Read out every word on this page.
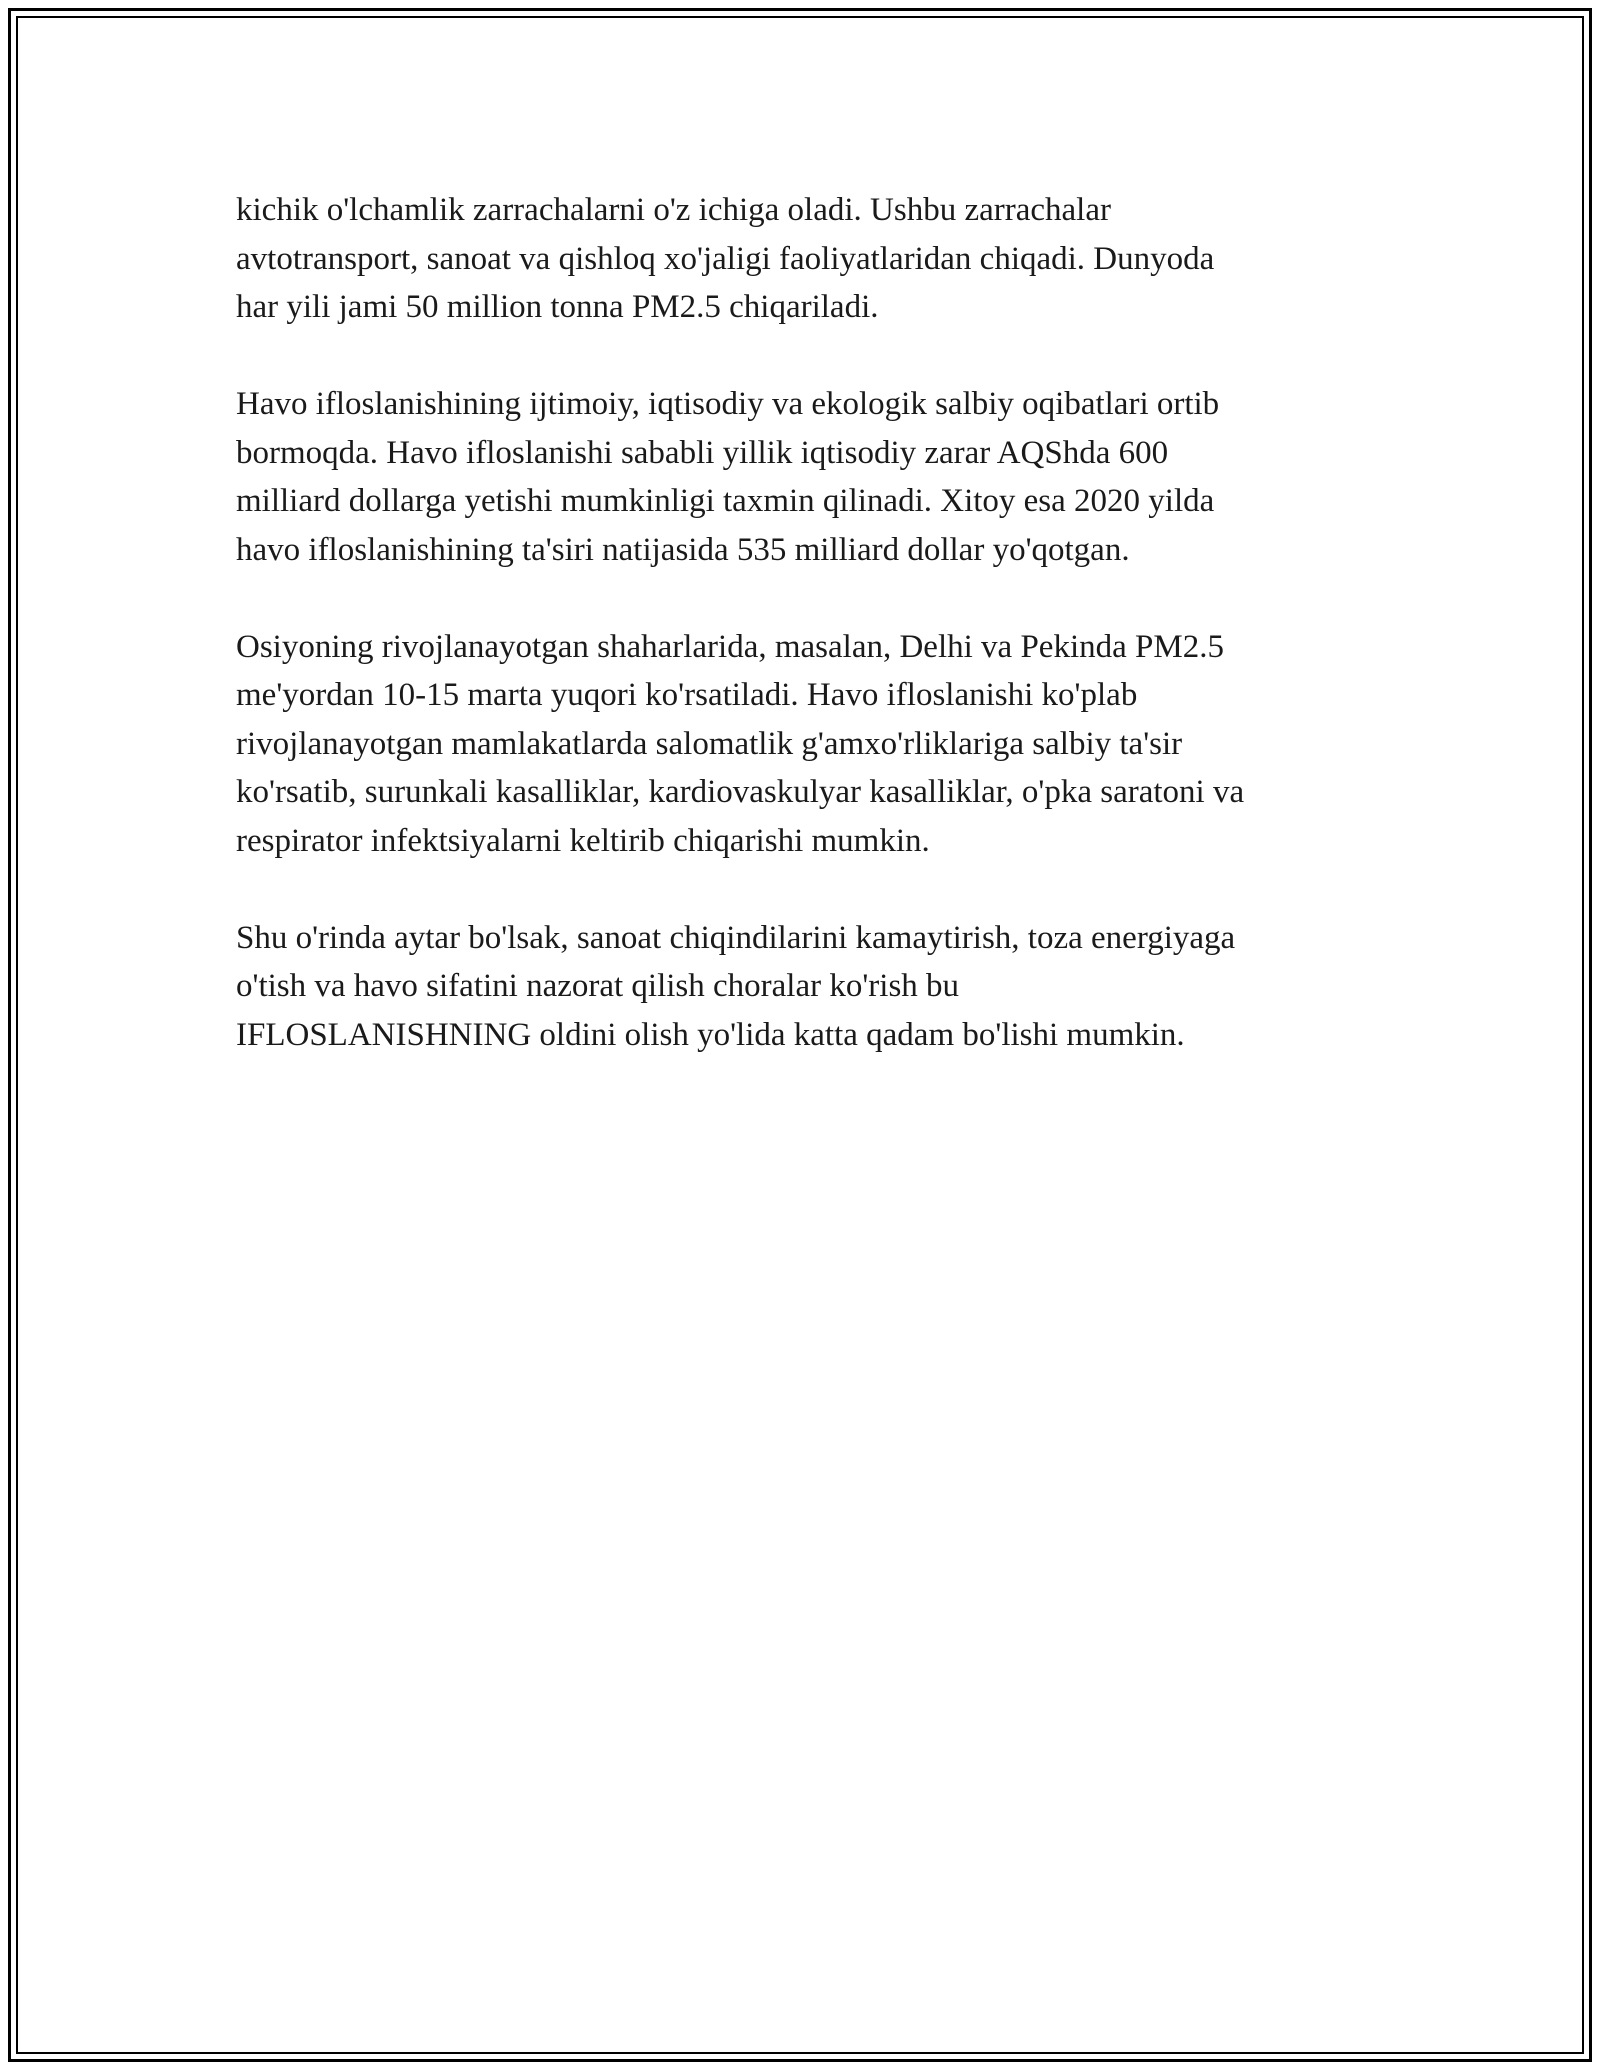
kichik o'lchamlik zarrachalarni o'z ichiga oladi. Ushbu zarrachalar
avtotransport, sanoat va qishloq xo'jaligi faoliyatlaridan chiqadi. Dunyoda
har yili jami 50 million tonna PM2.5 chiqariladi.

Havo ifloslanishining ijtimoiy, iqtisodiy va ekologik salbiy oqibatlari ortib
bormoqda. Havo ifloslanishi sababli yillik iqtisodiy zarar AQShda 600
milliard dollarga yetishi mumkinligi taxmin qilinadi. Xitoy esa 2020 yilda
havo ifloslanishining ta'siri natijasida 535 milliard dollar yo'qotgan.

Osiyoning rivojlanayotgan shaharlarida, masalan, Delhi va Pekinda PM2.5
me'yordan 10-15 marta yuqori ko'rsatiladi. Havo ifloslanishi ko'plab
rivojlanayotgan mamlakatlarda salomatlik g'amxo'rliklariga salbiy ta'sir
ko'rsatib, surunkali kasalliklar, kardiovaskulyar kasalliklar, o'pka saratoni va
respirator infektsiyalarni keltirib chiqarishi mumkin.

Shu o'rinda aytar bo'lsak, sanoat chiqindilarini kamaytirish, toza energiyaga
o'tish va havo sifatini nazorat qilish choralar ko'rish bu
IFLOSLANISHNING oldini olish yo'lida katta qadam bo'lishi mumkin.
